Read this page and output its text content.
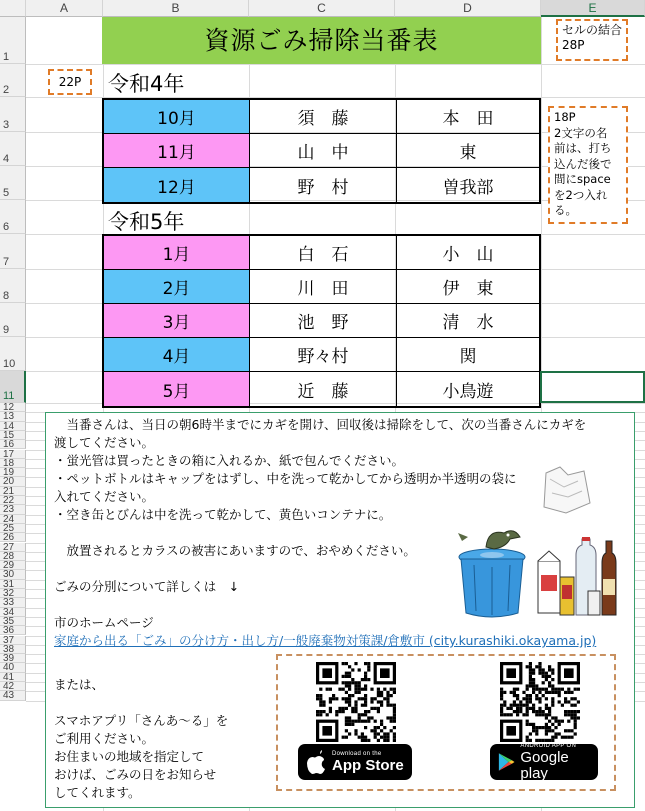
A	B	C	D	E
1
2
3
4
5
6
7
8
9
10
11
12
13
14
15
16
17
18
19
20
21
22
23
24
25
26
27
28
29
30
31
32
33
34
35
36
37
38
39
40
41
42
43
資源ごみ掃除当番表	セルの結合
28P
22P
18P
2文字の名
前は、打ち
込んだ後で
間にspace
を2つ入れ
る。
令和4年
令和5年
10月	須　藤	本　田
11月	山　中	東
12月	野　村	曽我部
1月	白　石	小　山
2月	川　田	伊　東
3月	池　野	清　水
4月	野々村	関
5月	近　藤	小鳥遊
　当番さんは、当日の朝6時半までにカギを開け、回収後は掃除をして、次の当番さんにカギを
渡してください。
・蛍光管は買ったときの箱に入れるか、紙で包んでください。
・ペットボトルはキャップをはずし、中を洗って乾かしてから透明か半透明の袋に
入れてください。
・空き缶とびんは中を洗って乾かして、黄色いコンテナに。
　放置されるとカラスの被害にあいますので、おやめください。
ごみの分別について詳しくは　↓
市のホームページ
家庭から出る「ごみ」の分け方・出し方/一般廃棄物対策課/倉敷市 (city.kurashiki.okayama.jp)
または、
スマホアプリ「さんあ～る」を
ご利用ください。
お住まいの地域を指定して
おけば、ごみの日をお知らせ
してくれます。
Download on the
App Store
ANDROID APP ON
Google play
